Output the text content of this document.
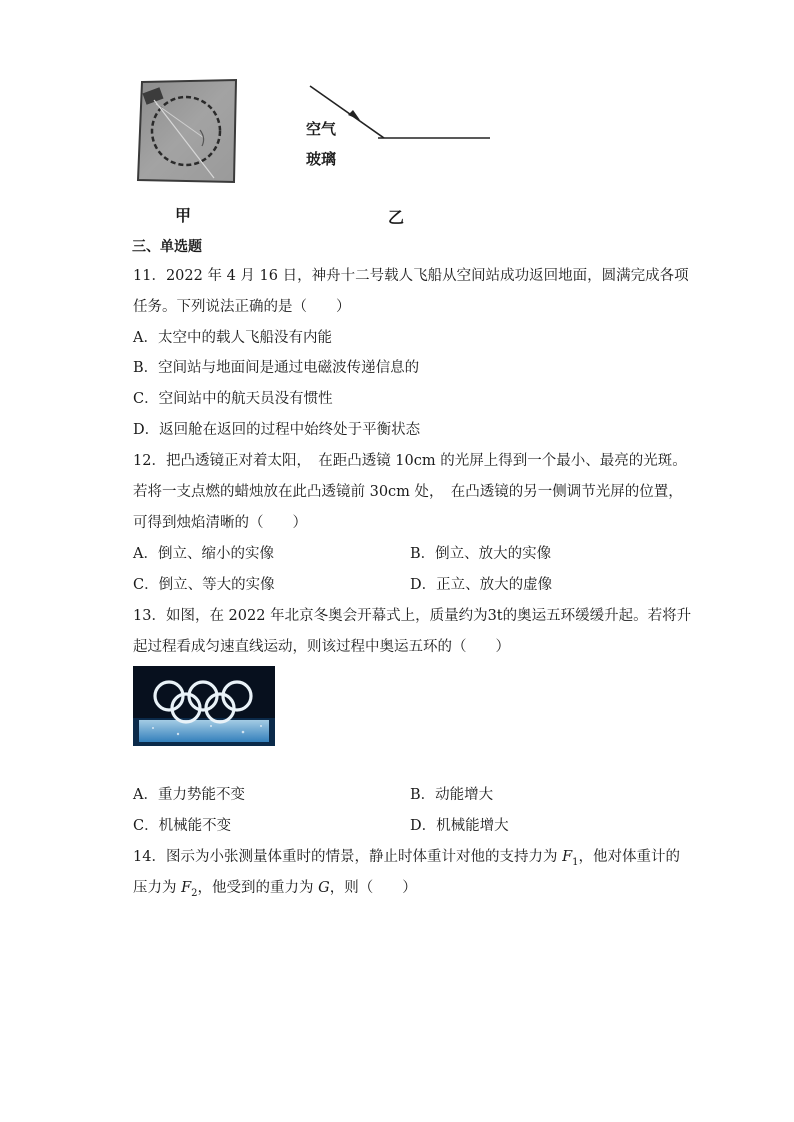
空气
玻璃
甲	乙
三、单选题
11．2022 年 4 月 16 日，神舟十二号载人飞船从空间站成功返回地面，圆满完成各项
任务。下列说法正确的是（　　）
A．太空中的载人飞船没有内能
B．空间站与地面间是通过电磁波传递信息的
C．空间站中的航天员没有惯性
D．返回舱在返回的过程中始终处于平衡状态
12．把凸透镜正对着太阳，　在距凸透镜 10cm 的光屏上得到一个最小、最亮的光斑。
若将一支点燃的蜡烛放在此凸透镜前 30cm 处，　在凸透镜的另一侧调节光屏的位置，
可得到烛焰清晰的（　　）
A．倒立、缩小的实像	B．倒立、放大的实像
C．倒立、等大的实像	D．正立、放大的虚像
13．如图，在 2022 年北京冬奥会开幕式上，质量约为3t的奥运五环缓缓升起。若将升
起过程看成匀速直线运动，则该过程中奥运五环的（　　）
A．重力势能不变	B．动能增大
C．机械能不变	D．机械能增大
14．图示为小张测量体重时的情景，静止时体重计对他的支持力为 $F_1$，他对体重计的
压力为 $F_2$，他受到的重力为 G，则（　　）
